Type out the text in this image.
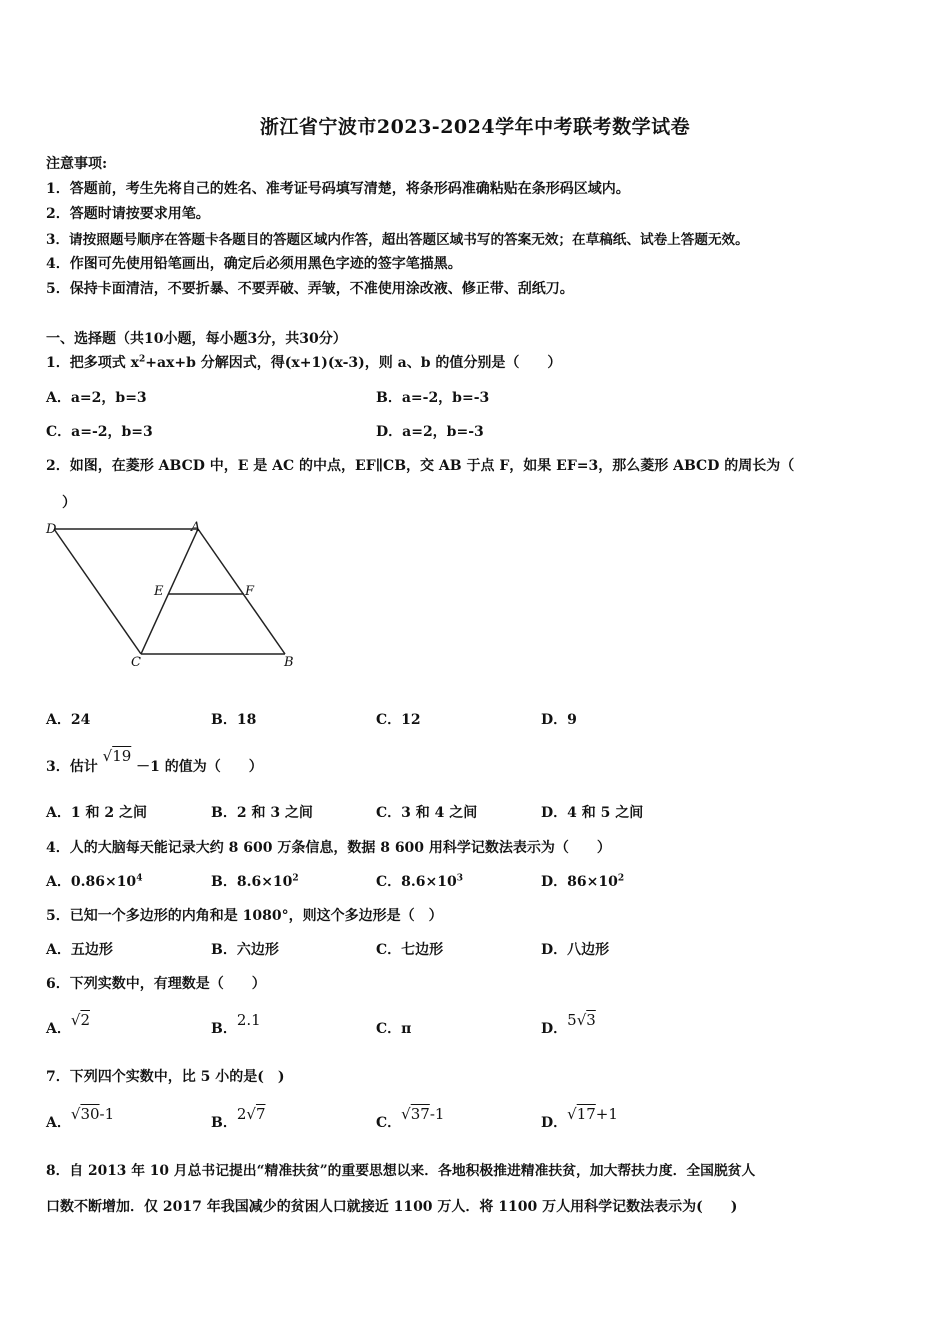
浙江省宁波市2023-2024学年中考联考数学试卷
注意事项:
1．答题前，考生先将自己的姓名、准考证号码填写清楚，将条形码准确粘贴在条形码区域内。
2．答题时请按要求用笔。
3．请按照题号顺序在答题卡各题目的答题区域内作答，超出答题区域书写的答案无效；在草稿纸、试卷上答题无效。
4．作图可先使用铅笔画出，确定后必须用黑色字迹的签字笔描黑。
5．保持卡面清洁，不要折暴、不要弄破、弄皱，不准使用涂改液、修正带、刮纸刀。
一、选择题（共10小题，每小题3分，共30分）
1．把多项式 $x^2+ax+b$ 分解因式，得(x+1)(x-3)，则 a、b 的值分别是（　　）
A．a=2，b=3	B．a=-2，b=-3
C．a=-2，b=3	D．a=2，b=-3
2．如图，在菱形 ABCD 中，E 是 AC 的中点，EF∥CB，交 AB 于点 F，如果 EF=3，那么菱形 ABCD 的周长为（
）
D	A
E	F
C	B
A．24	B．18	C．12	D．9
3．估计 √19 －1 的值为（　　）
A．1 和 2 之间	B．2 和 3 之间	C．3 和 4 之间	D．4 和 5 之间
4．人的大脑每天能记录大约 8 600 万条信息，数据 8 600 用科学记数法表示为（　　）
A．$0.86\times 10^4$	B．$8.6\times 10^2$	C．$8.6\times 10^3$	D．$86\times 10^2$
5．已知一个多边形的内角和是 1080°，则这个多边形是（　）
A．五边形	B．六边形	C．七边形	D．八边形
6．下列实数中，有理数是（　　）
A．√2	B．2.1	C．π	D．5√3
7．下列四个实数中，比 5 小的是(　)
A．√30-1	B．2√7	C．√37-1	D．√17+1
8．自 2013 年 10 月总书记提出“精准扶贫”的重要思想以来．各地积极推进精准扶贫，加大帮扶力度．全国脱贫人
口数不断增加．仅 2017 年我国减少的贫困人口就接近 1100 万人．将 1100 万人用科学记数法表示为(　　)
